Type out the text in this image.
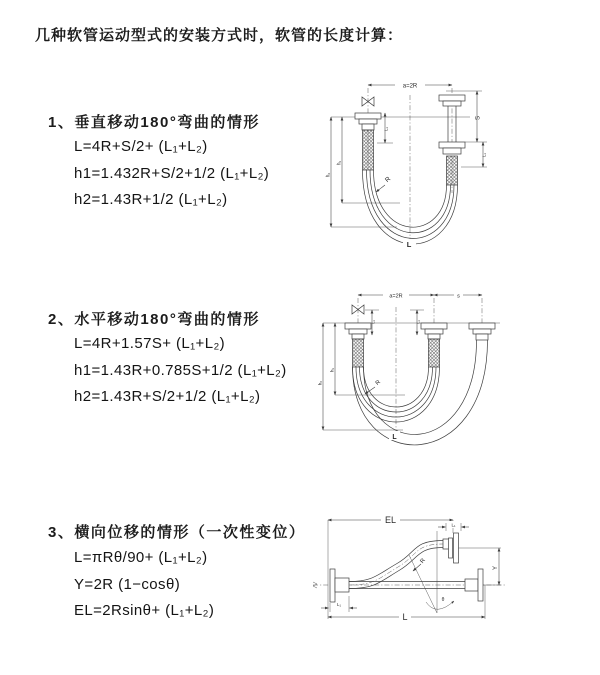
几种软管运动型式的安装方式时，软管的长度计算：
1、垂直移动180°弯曲的情形
L=4R+S/2+ (L₁+L₂)
h1=1.432R+S/2+1/2 (L₁+L₂)
h2=1.43R+1/2 (L₁+L₂)
2、水平移动180°弯曲的情形
L=4R+1.57S+ (L₁+L₂)
h1=1.43R+0.785S+1/2 (L₁+L₂)
h2=1.43R+S/2+1/2 (L₁+L₂)
3、横向位移的情形（一次性变位）
L=πRθ/90+ (L₁+L₂)
Y=2R (1−cosθ)
EL=2Rsinθ+ (L₁+L₂)
a=2R
S
L₁
L₁
h₂
h₁
R
L
a=2R	s
L₁	L₁
h₂
h₁
R
L
EL	L₁
Y
R
θ
L₁
L
